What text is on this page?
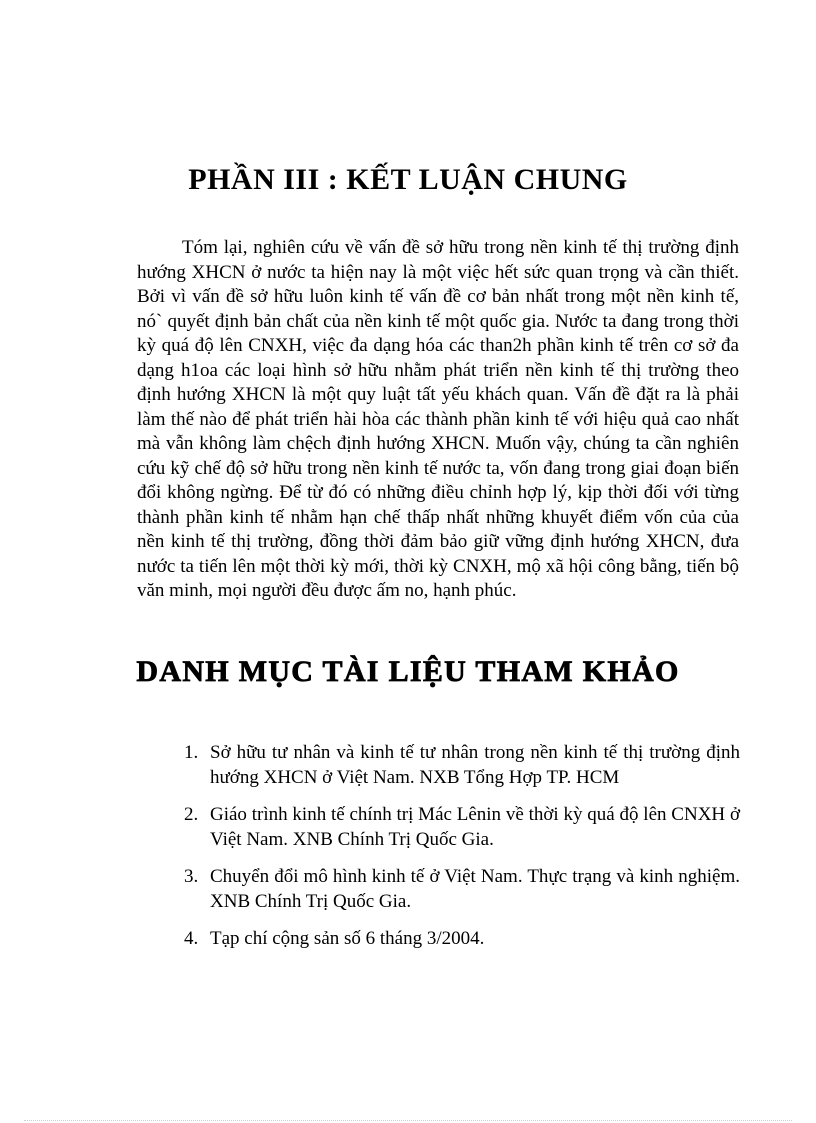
PHẦN III : KẾT LUẬN CHUNG

Tóm lại, nghiên cứu về vấn đề sở hữu trong nền kinh tế thị trường định hướng XHCN ở nước ta hiện nay là một việc hết sức quan trọng và cần thiết. Bởi vì vấn đề sở hữu luôn kinh tế vấn đề cơ bản nhất trong một nền kinh tế, nó` quyết định bản chất của nền kinh tế một quốc gia. Nước ta đang trong thời kỳ quá độ lên CNXH, việc đa dạng hóa các than2h phần kinh tế trên cơ sở đa dạng h1oa các loại hình sở hữu nhằm phát triển nền kinh tế thị trường theo định hướng XHCN là một quy luật tất yếu khách quan. Vấn đề đặt ra là phải làm thế nào để phát triển hài hòa các thành phần kinh tế với hiệu quả cao nhất mà vẫn không làm chệch định hướng XHCN. Muốn vậy, chúng ta cần nghiên cứu kỹ chế độ sở hữu trong nền kinh tế nước ta, vốn đang trong giai đoạn biến đổi không ngừng. Để từ đó có những điều chỉnh hợp lý, kịp thời đối với từng thành phần kinh tế nhằm hạn chế thấp nhất những khuyết điểm vốn của của nền kinh tế thị trường, đồng thời đảm bảo giữ vững định hướng XHCN, đưa nước ta tiến lên một thời kỳ mới, thời kỳ CNXH, mộ xã hội công bằng, tiến bộ văn minh, mọi người đều được ấm no, hạnh phúc.

DANH MỤC TÀI LIỆU THAM KHẢO
1. Sở hữu tư nhân và kinh tế tư nhân trong nền kinh tế thị trường định hướng XHCN ở Việt Nam. NXB Tổng Hợp TP. HCM
2. Giáo trình kinh tế chính trị Mác Lênin về thời kỳ quá độ lên CNXH ở Việt Nam. XNB Chính Trị Quốc Gia.
3. Chuyển đổi mô hình kinh tế ở Việt Nam. Thực trạng và kinh nghiệm. XNB Chính Trị Quốc Gia.
4. Tạp chí cộng sản số 6 tháng 3/2004.
